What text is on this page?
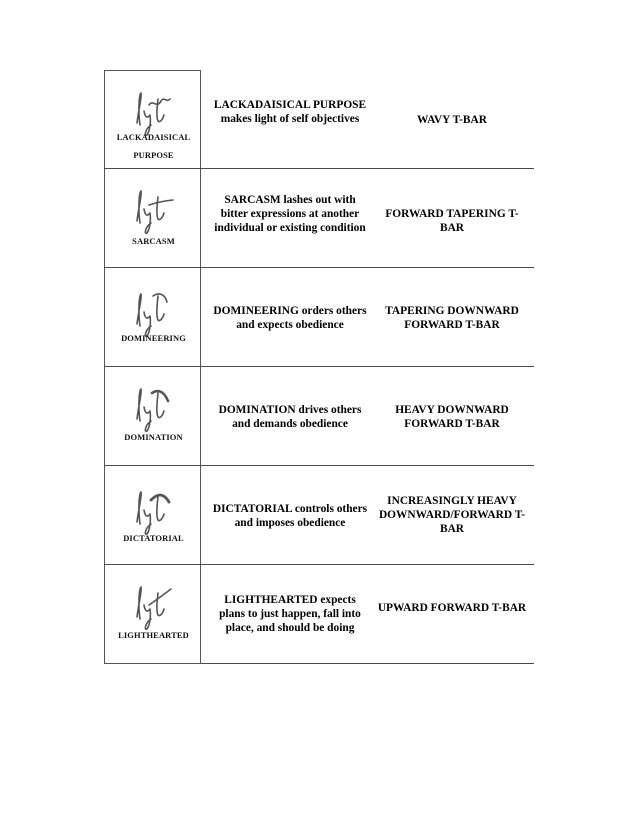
LACKADAISICAL
PURPOSE
LACKADAISICAL PURPOSE makes light of self objectives	WAVY T-BAR
SARCASM
SARCASM lashes out with bitter expressions at another individual or existing condition
FORWARD TAPERING T-BAR
DOMINEERING
DOMINEERING orders others and expects obedience
TAPERING DOWNWARD FORWARD T-BAR
DOMINATION
DOMINATION drives others and demands obedience
HEAVY DOWNWARD FORWARD T-BAR
DICTATORIAL
DICTATORIAL controls others and imposes obedience
INCREASINGLY HEAVY DOWNWARD/FORWARD T-BAR
LIGHTHEARTED
LIGHTHEARTED expects plans to just happen, fall into place, and should be doing
UPWARD FORWARD T-BAR
